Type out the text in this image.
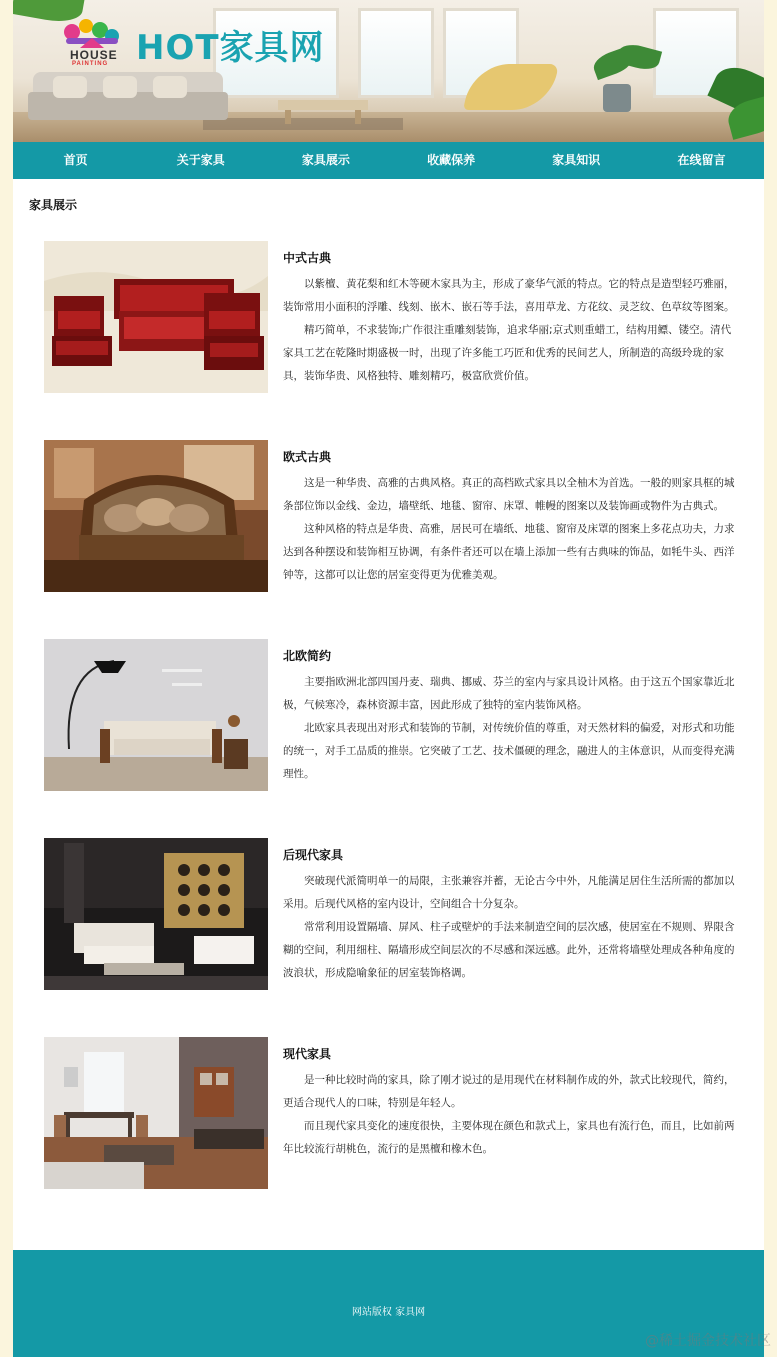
HOUSE
PAINTING HOT家具网
首页	关于家具	家具展示	收藏保养	家具知识	在线留言
家具展示
中式古典

以紫檀、黄花梨和红木等硬木家具为主，形成了豪华气派的特点。它的特点是造型轻巧雅丽，装饰常用小面积的浮雕、线刻、嵌木、嵌石等手法，喜用草龙、方花纹、灵芝纹、色草纹等图案。

精巧简单，不求装饰;广作很注重雕刻装饰，追求华丽;京式则重蜡工，结构用鳔、镂空。清代家具工艺在乾隆时期盛极一时，出现了许多能工巧匠和优秀的民间艺人，所制造的高级玲珑的家具，装饰华贵、风格独特、雕刻精巧，极富欣赏价值。

欧式古典

这是一种华贵、高雅的古典风格。真正的高档欧式家具以全柚木为首选。一般的则家具框的城条部位饰以金线、金边，墙壁纸、地毯、窗帘、床罩、帷幔的图案以及装饰画或物件为古典式。

这种风格的特点是华贵、高雅，居民可在墙纸、地毯、窗帘及床罩的图案上多花点功夫，力求达到各种摆设和装饰相互协调，有条件者还可以在墙上添加一些有古典味的饰品，如牦牛头、西洋钟等，这都可以让您的居室变得更为优雅美观。

北欧简约

主要指欧洲北部四国丹麦、瑞典、挪威、芬兰的室内与家具设计风格。由于这五个国家靠近北极，气候寒冷，森林资源丰富，因此形成了独特的室内装饰风格。

北欧家具表现出对形式和装饰的节制，对传统价值的尊重，对天然材料的偏爱，对形式和功能的统一，对手工品质的推崇。它突破了工艺、技术僵硬的理念，融进人的主体意识，从而变得充满理性。

后现代家具

突破现代派简明单一的局限，主张兼容并蓄，无论古今中外，凡能满足居住生活所需的都加以采用。后现代风格的室内设计，空间组合十分复杂。

常常利用设置隔墙、屏风、柱子或壁炉的手法来制造空间的层次感，使居室在不规则、界限含糊的空间，利用细柱、隔墙形成空间层次的不尽感和深远感。此外，还常将墙壁处理成各种角度的波浪状，形成隐喻象征的居室装饰格调。

现代家具

是一种比较时尚的家具，除了刚才说过的是用现代在材料制作成的外，款式比较现代，简约，更适合现代人的口味，特别是年轻人。

而且现代家具变化的速度很快，主要体现在颜色和款式上，家具也有流行色，而且，比如前两年比较流行胡桃色，流行的是黑檀和橡木色。

网站版权 家具网
@稀土掘金技术社区
